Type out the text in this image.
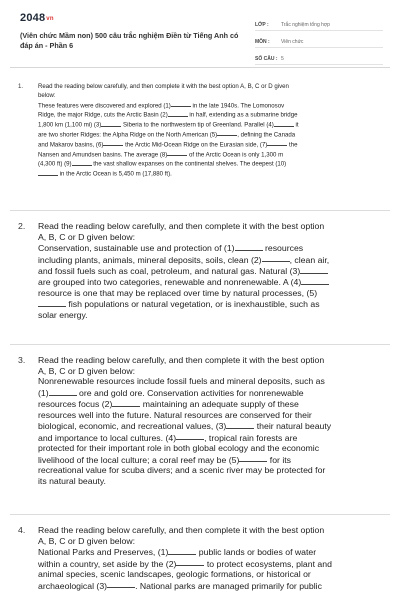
$2048_{vn}$
(Viên chức Mầm non) 500 câu trắc nghiệm Điền từ Tiếng Anh có đáp án - Phần 6
LỚP :	Trắc nghiệm tổng hợp
MÔN :	Viên chức
SỐ CÂU : 5
1. Read the reading below carefully, and then complete it with the best option A, B, C or D given
below:
These features were discovered and explored (1)	in the late 1940s. The Lomonosov
Ridge, the major Ridge, cuts the Arctic Basin (2)	in half, extending as a submarine bridge
1,800 km (1,100 mi) (3)	Siberia to the northwestern tip of Greenland. Parallel (4)	it
are two shorter Ridges: the Alpha Ridge on the North American (5)	, defining the Canada
and Makarov basins, (6)	the Arctic Mid-Ocean Ridge on the Eurasian side, (7)	the
Nansen and Amundsen basins. The average (8)	of the Arctic Ocean is only 1,300 m
(4,300 ft) (9)	the vast shallow expanses on the continental shelves. The deepest (10)
in the Arctic Ocean is 5,450 m (17,880 ft).
2. Read the reading below carefully, and then complete it with the best option
A, B, C or D given below:
Conservation, sustainable use and protection of (1)	resources
including plants, animals, mineral deposits, soils, clean (2)	, clean air,
and fossil fuels such as coal, petroleum, and natural gas. Natural (3)
are grouped into two categories, renewable and nonrenewable. A (4)
resource is one that may be replaced over time by natural processes, (5)
fish populations or natural vegetation, or is inexhaustible, such as
solar energy.
3. Read the reading below carefully, and then complete it with the best option
A, B, C or D given below:
Nonrenewable resources include fossil fuels and mineral deposits, such as
(1)	ore and gold ore. Conservation activities for nonrenewable
resources focus (2)	maintaining an adequate supply of these
resources well into the future. Natural resources are conserved for their
biological, economic, and recreational values, (3)	their natural beauty
and importance to local cultures. (4)	, tropical rain forests are
protected for their important role in both global ecology and the economic
livelihood of the local culture; a coral reef may be (5)	for its
recreational value for scuba divers; and a scenic river may be protected for
its natural beauty.
4. Read the reading below carefully, and then complete it with the best option
A, B, C or D given below:
National Parks and Preserves, (1)	public lands or bodies of water
within a country, set aside by the (2)	to protect ecosystems, plant and
animal species, scenic landscapes, geologic formations, or historical or
archaeological (3)	. National parks are managed primarily for public
